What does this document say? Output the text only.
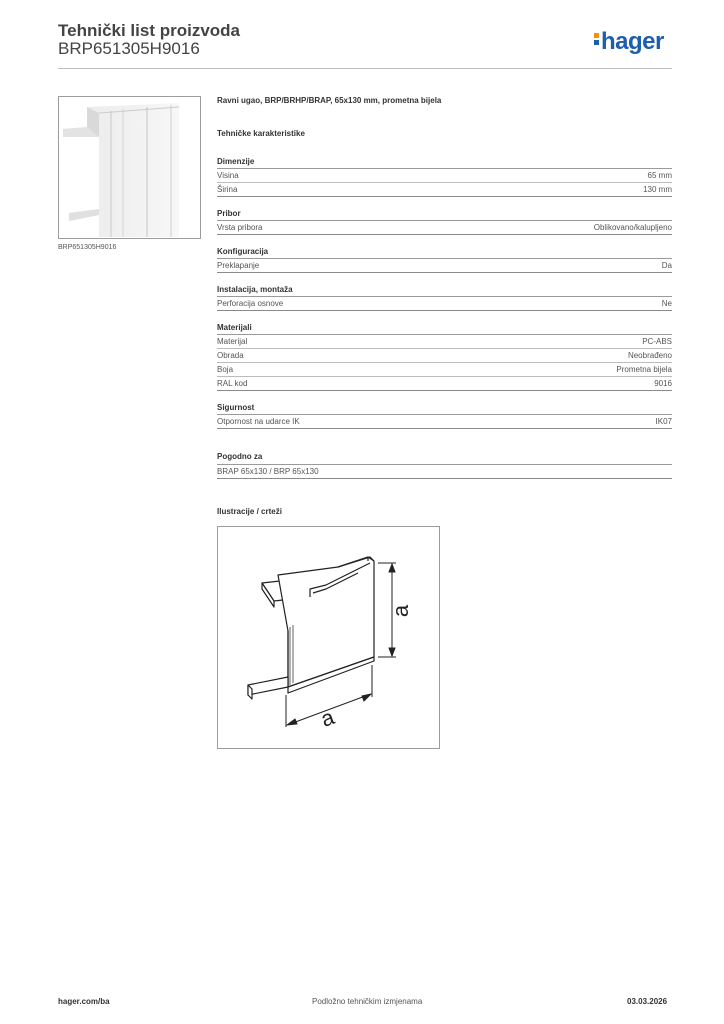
Tehnički list proizvoda
BRP651305H9016	hager
BRP651305H9016
Ravni ugao, BRP/BRHP/BRAP, 65x130 mm, prometna bijela
Tehničke karakteristike
Dimenzije
Visina	65 mm
Širina	130 mm
Pribor
Vrsta pribora	Oblikovano/kalupljeno
Konfiguracija
Preklapanje	Da
Instalacija, montaža
Perforacija osnove	Ne
Materijali
Materijal	PC-ABS
Obrada	Neobrađeno
Boja	Prometna bijela
RAL kod	9016
Sigurnost
Otpornost na udarce IK	IK07
Pogodno za
BRAP 65x130 / BRP 65x130
Ilustracije / crteži
a
a
hager.com/ba	Podložno tehničkim izmjenama	03.03.2026
